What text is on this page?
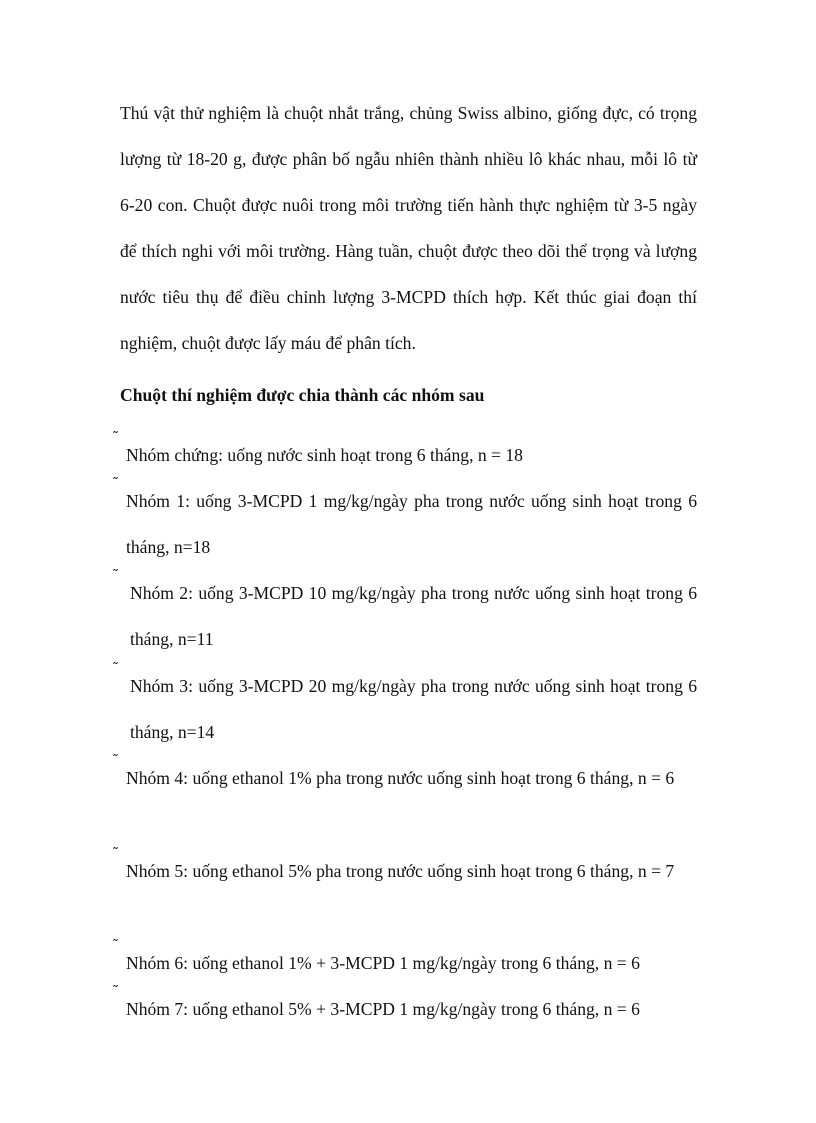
Thú vật thử nghiệm là chuột nhắt trắng, chủng Swiss albino, giống đực, có trọng lượng từ 18-20 g, được phân bố ngẫu nhiên thành nhiều lô khác nhau, mỗi lô từ 6-20 con. Chuột được nuôi trong môi trường tiến hành thực nghiệm từ 3-5 ngày để thích nghi với môi trường. Hàng tuần, chuột được theo dõi thể trọng và lượng nước tiêu thụ để điều chỉnh lượng 3-MCPD thích hợp. Kết thúc giai đoạn thí nghiệm, chuột được lấy máu để phân tích.

Chuột thí nghiệm được chia thành các nhóm sau

˜
Nhóm chứng: uống nước sinh hoạt trong 6 tháng, n = 18
˜
Nhóm 1: uống 3-MCPD 1 mg/kg/ngày pha trong nước uống sinh hoạt trong 6 tháng, n=18
˜
Nhóm 2: uống 3-MCPD 10 mg/kg/ngày pha trong nước uống sinh hoạt trong 6 tháng, n=11
˜
Nhóm 3: uống 3-MCPD 20 mg/kg/ngày pha trong nước uống sinh hoạt trong 6 tháng, n=14
˜
Nhóm 4: uống ethanol 1% pha trong nước uống sinh hoạt trong 6 tháng, n = 6
˜
Nhóm 5: uống ethanol 5% pha trong nước uống sinh hoạt trong 6 tháng, n = 7
˜
Nhóm 6: uống ethanol 1% + 3-MCPD 1 mg/kg/ngày trong 6 tháng, n = 6
˜
Nhóm 7: uống ethanol 5% + 3-MCPD 1 mg/kg/ngày trong 6 tháng, n = 6
